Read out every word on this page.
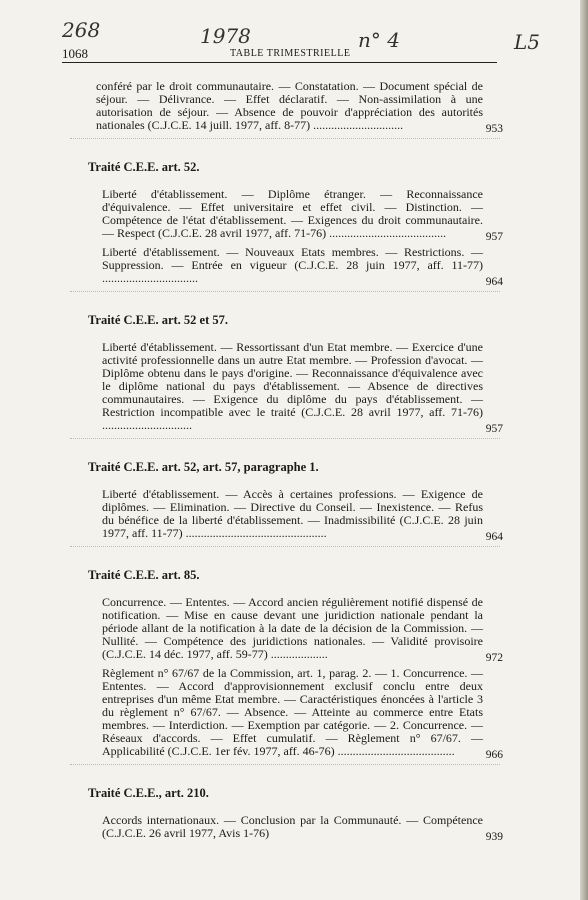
268	1978	n° 4	L5
1068	TABLE TRIMESTRIELLE
conféré par le droit communautaire. — Constatation. — Document spécial de séjour. — Délivrance. — Effet déclaratif. — Non-assimilation à une autorisation de séjour. — Absence de pouvoir d'appréciation des autorités nationales (C.J.C.E. 14 juill. 1977, aff. 8-77) ..............................	953
Traité C.E.E. art. 52.
Liberté d'établissement. — Diplôme étranger. — Reconnaissance d'équivalence. — Effet universitaire et effet civil. — Distinction. — Compétence de l'état d'établissement. — Exigences du droit communautaire. — Respect (C.J.C.E. 28 avril 1977, aff. 71-76) .......................................	957
Liberté d'établissement. — Nouveaux Etats membres. — Restrictions. — Suppression. — Entrée en vigueur (C.J.C.E. 28 juin 1977, aff. 11-77) ................................	964
Traité C.E.E. art. 52 et 57.
Liberté d'établissement. — Ressortissant d'un Etat membre. — Exercice d'une activité professionnelle dans un autre Etat membre. — Profession d'avocat. — Diplôme obtenu dans le pays d'origine. — Reconnaissance d'équivalence avec le diplôme national du pays d'établissement. — Absence de directives communautaires. — Exigence du diplôme du pays d'établissement. — Restriction incompatible avec le traité (C.J.C.E. 28 avril 1977, aff. 71-76) ..............................	957
Traité C.E.E. art. 52, art. 57, paragraphe 1.
Liberté d'établissement. — Accès à certaines professions. — Exigence de diplômes. — Elimination. — Directive du Conseil. — Inexistence. — Refus du bénéfice de la liberté d'établissement. — Inadmissibilité (C.J.C.E. 28 juin 1977, aff. 11-77) ...............................................	964
Traité C.E.E. art. 85.
Concurrence. — Ententes. — Accord ancien régulièrement notifié dispensé de notification. — Mise en cause devant une juridiction nationale pendant la période allant de la notification à la date de la décision de la Commission. — Nullité. — Compétence des juridictions nationales. — Validité provisoire (C.J.C.E. 14 déc. 1977, aff. 59-77) ...................	972
Règlement n° 67/67 de la Commission, art. 1, parag. 2. — 1. Concurrence. — Ententes. — Accord d'approvisionnement exclusif conclu entre deux entreprises d'un même Etat membre. — Caractéristiques énoncées à l'article 3 du règlement n° 67/67. — Absence. — Atteinte au commerce entre Etats membres. — Interdiction. — Exemption par catégorie. — 2. Concurrence. — Réseaux d'accords. — Effet cumulatif. — Règlement n° 67/67. — Applicabilité (C.J.C.E. 1er fév. 1977, aff. 46-76) .......................................	966
Traité C.E.E., art. 210.
Accords internationaux. — Conclusion par la Communauté. — Compétence (C.J.C.E. 26 avril 1977, Avis 1-76)	939
